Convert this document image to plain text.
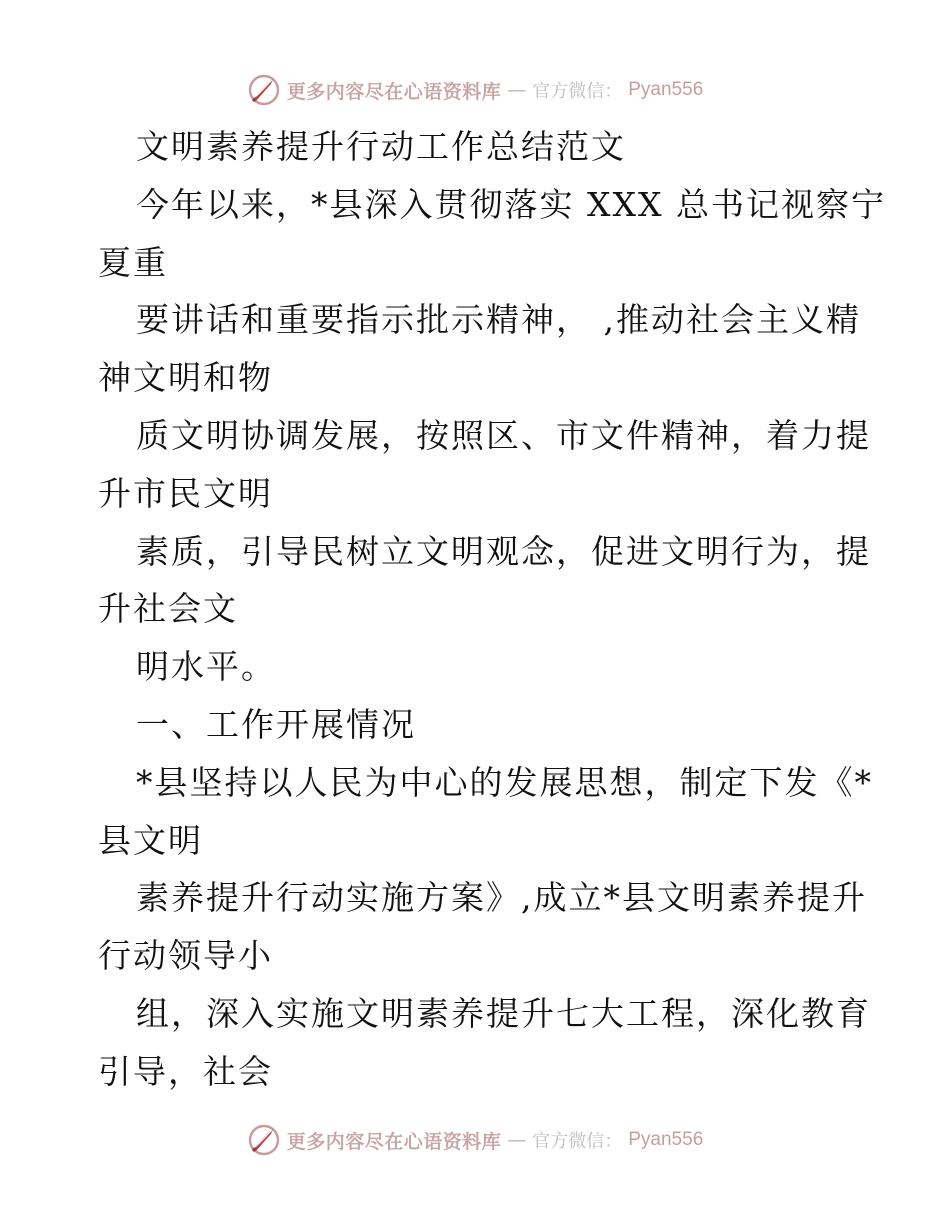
更多内容尽在心语资料库 — 官方微信： Pyan556
文明素养提升行动工作总结范文
今年以来，*县深入贯彻落实 XXX 总书记视察宁
夏重
要讲话和重要指示批示精神， ,推动社会主义精
神文明和物
质文明协调发展，按照区、市文件精神，着力提
升市民文明
素质，引导民树立文明观念，促进文明行为，提
升社会文
明水平。
一、工作开展情况
*县坚持以人民为中心的发展思想，制定下发《*
县文明
素养提升行动实施方案》,成立*县文明素养提升
行动领导小
组，深入实施文明素养提升七大工程，深化教育
引导，社会
更多内容尽在心语资料库 — 官方微信： Pyan556
